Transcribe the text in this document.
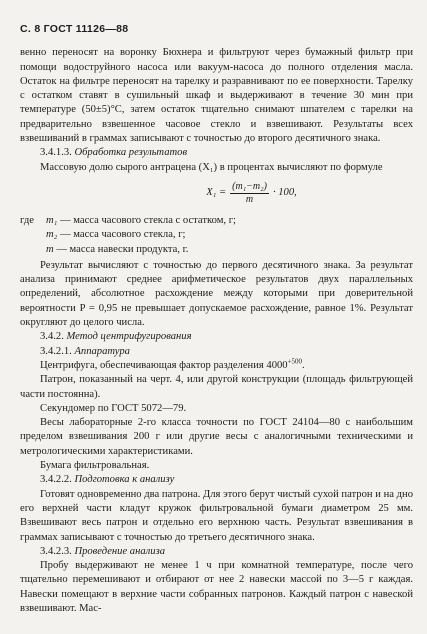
С. 8 ГОСТ 11126—88

венно переносят на воронку Бюхнера и фильтруют через бумажный фильтр при помощи водоструйного насоса или вакуум-насоса до полного отделения масла. Остаток на фильтре переносят на тарелку и разравнивают по ее поверхности. Тарелку с остатком ставят в сушильный шкаф и выдерживают в течение 30 мин при температуре (50±5)°С, затем остаток тщательно снимают шпателем с тарелки на предварительно взвешенное часовое стекло и взвешивают. Результаты всех взвешиваний в граммах записывают с точностью до второго десятичного знака.

3.4.1.3. Обработка результатов

Массовую долю сырого антрацена (X₁) в процентах вычисляют по формуле

$X_1 = \frac{\text{(m₁−m₂)}}{m} \cdot 100$,
где	m₁ — масса часового стекла с остатком, г;
m₂ — масса часового стекла, г;
m — масса навески продукта, г.

Результат вычисляют с точностью до первого десятичного знака. За результат анализа принимают среднее арифметическое результатов двух параллельных определений, абсолютное расхождение между которыми при доверительной вероятности P = 0,95 не превышает допускаемое расхождение, равное 1%. Результат округляют до целого числа.

3.4.2. Метод центрифугирования
3.4.2.1. Аппаратура

Центрифуга, обеспечивающая фактор разделения $4000^{+500}$.

Патрон, показанный на черт. 4, или другой конструкции (площадь фильтрующей части постоянна).

Секундомер по ГОСТ 5072—79.

Весы лабораторные 2-го класса точности по ГОСТ 24104—80 с наибольшим пределом взвешивания 200 г или другие весы с аналогичными техническими и метрологическими характеристиками.

Бумага фильтровальная.

3.4.2.2. Подготовка к анализу

Готовят одновременно два патрона. Для этого берут чистый сухой патрон и на дно его верхней части кладут кружок фильтровальной бумаги диаметром 25 мм. Взвешивают весь патрон и отдельно его верхнюю часть. Результат взвешивания в граммах записывают с точностью до третьего десятичного знака.

3.4.2.3. Проведение анализа

Пробу выдерживают не менее 1 ч при комнатной температуре, после чего тщательно перемешивают и отбирают от нее 2 навески массой по 3—5 г каждая. Навески помещают в верхние части собранных патронов. Каждый патрон с навеской взвешивают. Мас-
